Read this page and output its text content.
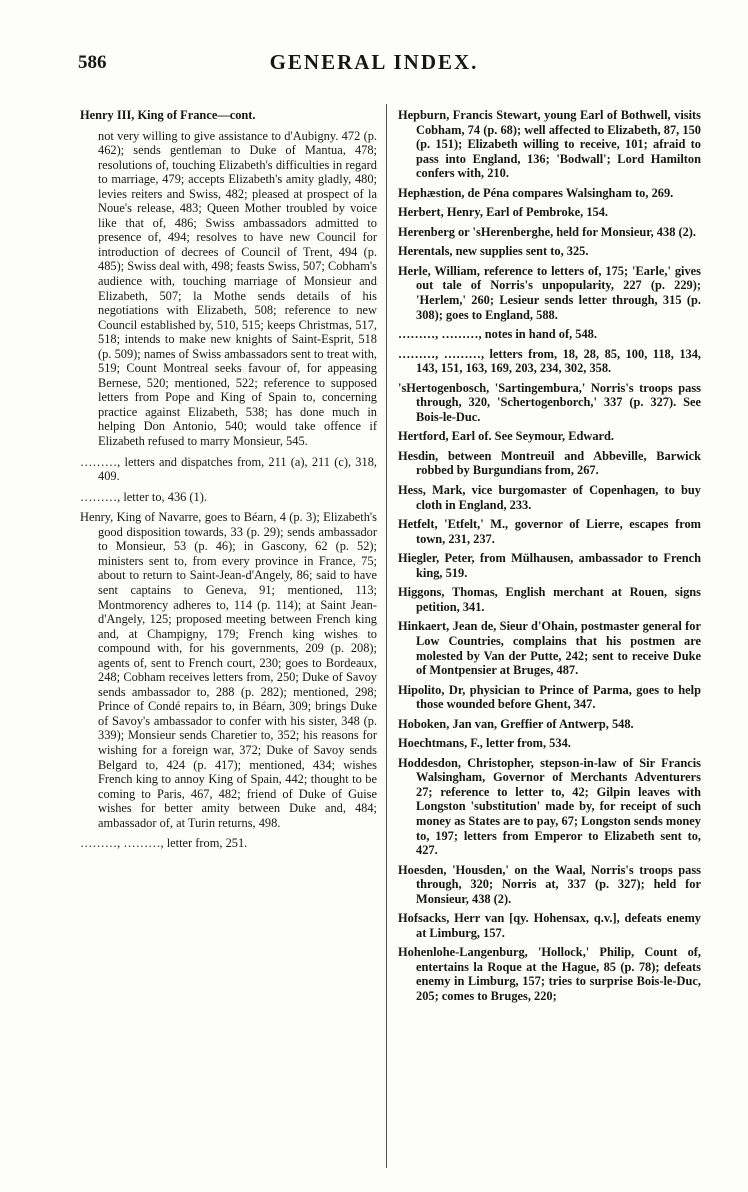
586	GENERAL INDEX.
Henry III, King of France—cont.
not very willing to give assistance to d'Aubigny. 472 (p. 462); sends gentleman to Duke of Mantua, 478; resolutions of, touching Elizabeth's difficulties in regard to marriage, 479; accepts Elizabeth's amity gladly, 480; levies reiters and Swiss, 482; pleased at prospect of la Noue's release, 483; Queen Mother troubled by voice like that of, 486; Swiss ambassadors admitted to presence of, 494; resolves to have new Council for introduction of decrees of Council of Trent, 494 (p. 485); Swiss deal with, 498; feasts Swiss, 507; Cobham's audience with, touching marriage of Monsieur and Elizabeth, 507; la Mothe sends details of his negotiations with Elizabeth, 508; reference to new Council established by, 510, 515; keeps Christmas, 517, 518; intends to make new knights of Saint-Esprit, 518 (p. 509); names of Swiss ambassadors sent to treat with, 519; Count Montreal seeks favour of, for appeasing Bernese, 520; mentioned, 522; reference to supposed letters from Pope and King of Spain to, concerning practice against Elizabeth, 538; has done much in helping Don Antonio, 540; would take offence if Elizabeth refused to marry Monsieur, 545.
………, letters and dispatches from, 211 (a), 211 (c), 318, 409.
………, letter to, 436 (1).
Henry, King of Navarre, goes to Béarn, 4 (p. 3); Elizabeth's good disposition towards, 33 (p. 29); sends ambassador to Monsieur, 53 (p. 46); in Gascony, 62 (p. 52); ministers sent to, from every province in France, 75; about to return to Saint-Jean-d'Angely, 86; said to have sent captains to Geneva, 91; mentioned, 113; Montmorency adheres to, 114 (p. 114); at Saint Jean-d'Angely, 125; proposed meeting between French king and, at Champigny, 179; French king wishes to compound with, for his governments, 209 (p. 208); agents of, sent to French court, 230; goes to Bordeaux, 248; Cobham receives letters from, 250; Duke of Savoy sends ambassador to, 288 (p. 282); mentioned, 298; Prince of Condé repairs to, in Béarn, 309; brings Duke of Savoy's ambassador to confer with his sister, 348 (p. 339); Monsieur sends Charetier to, 352; his reasons for wishing for a foreign war, 372; Duke of Savoy sends Belgard to, 424 (p. 417); mentioned, 434; wishes French king to annoy King of Spain, 442; thought to be coming to Paris, 467, 482; friend of Duke of Guise wishes for better amity between Duke and, 484; ambassador of, at Turin returns, 498.
………, ………, letter from, 251.
Hepburn, Francis Stewart, young Earl of Bothwell, visits Cobham, 74 (p. 68); well affected to Elizabeth, 87, 150 (p. 151); Elizabeth willing to receive, 101; afraid to pass into England, 136; 'Bodwall'; Lord Hamilton confers with, 210.
Hephæstion, de Péna compares Walsingham to, 269.
Herbert, Henry, Earl of Pembroke, 154.
Herenberg or 'sHerenberghe, held for Monsieur, 438 (2).
Herentals, new supplies sent to, 325.
Herle, William, reference to letters of, 175; 'Earle,' gives out tale of Norris's unpopularity, 227 (p. 229); 'Herlem,' 260; Lesieur sends letter through, 315 (p. 308); goes to England, 588.
………, ………, notes in hand of, 548.
………, ………, letters from, 18, 28, 85, 100, 118, 134, 143, 151, 163, 169, 203, 234, 302, 358.
'sHertogenbosch, 'Sartingembura,' Norris's troops pass through, 320, 'Schertogenborch,' 337 (p. 327). See Bois-le-Duc.
Hertford, Earl of. See Seymour, Edward.
Hesdin, between Montreuil and Abbeville, Barwick robbed by Burgundians from, 267.
Hess, Mark, vice burgomaster of Copenhagen, to buy cloth in England, 233.
Hetfelt, 'Etfelt,' M., governor of Lierre, escapes from town, 231, 237.
Hiegler, Peter, from Mülhausen, ambassador to French king, 519.
Higgons, Thomas, English merchant at Rouen, signs petition, 341.
Hinkaert, Jean de, Sieur d'Ohain, postmaster general for Low Countries, complains that his postmen are molested by Van der Putte, 242; sent to receive Duke of Montpensier at Bruges, 487.
Hipolito, Dr, physician to Prince of Parma, goes to help those wounded before Ghent, 347.
Hoboken, Jan van, Greffier of Antwerp, 548.
Hoechtmans, F., letter from, 534.
Hoddesdon, Christopher, stepson-in-law of Sir Francis Walsingham, Governor of Merchants Adventurers 27; reference to letter to, 42; Gilpin leaves with Longston 'substitution' made by, for receipt of such money as States are to pay, 67; Longston sends money to, 197; letters from Emperor to Elizabeth sent to, 427.
Hoesden, 'Housden,' on the Waal, Norris's troops pass through, 320; Norris at, 337 (p. 327); held for Monsieur, 438 (2).
Hofsacks, Herr van [qy. Hohensax, q.v.], defeats enemy at Limburg, 157.
Hohenlohe-Langenburg, 'Hollock,' Philip, Count of, entertains la Roque at the Hague, 85 (p. 78); defeats enemy in Limburg, 157; tries to surprise Bois-le-Duc, 205; comes to Bruges, 220;
